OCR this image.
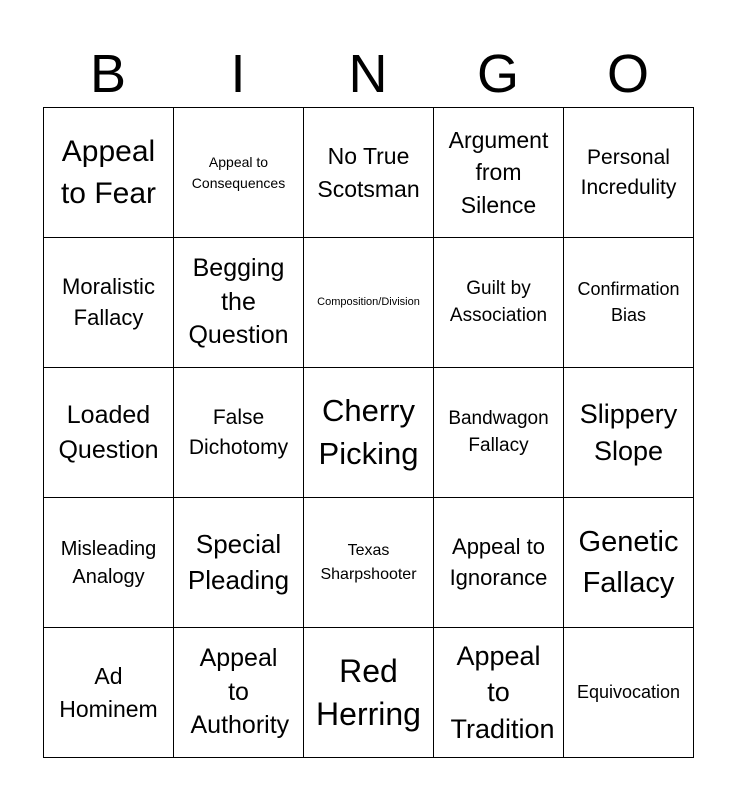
B	I	N	G	O
Appeal to Fear
Appeal to Consequences
No True Scotsman
Argument from Silence
Personal Incredulity
Moralistic Fallacy
Begging the Question
Composition/Division
Guilt by Association
Confirmation Bias
Loaded Question
False Dichotomy
Cherry Picking
Bandwagon Fallacy
Slippery Slope
Misleading Analogy
Special Pleading
Texas Sharpshooter
Appeal to Ignorance
Genetic Fallacy
Ad Hominem
Appeal to Authority
Red Herring
Appeal to Tradition
Equivocation
